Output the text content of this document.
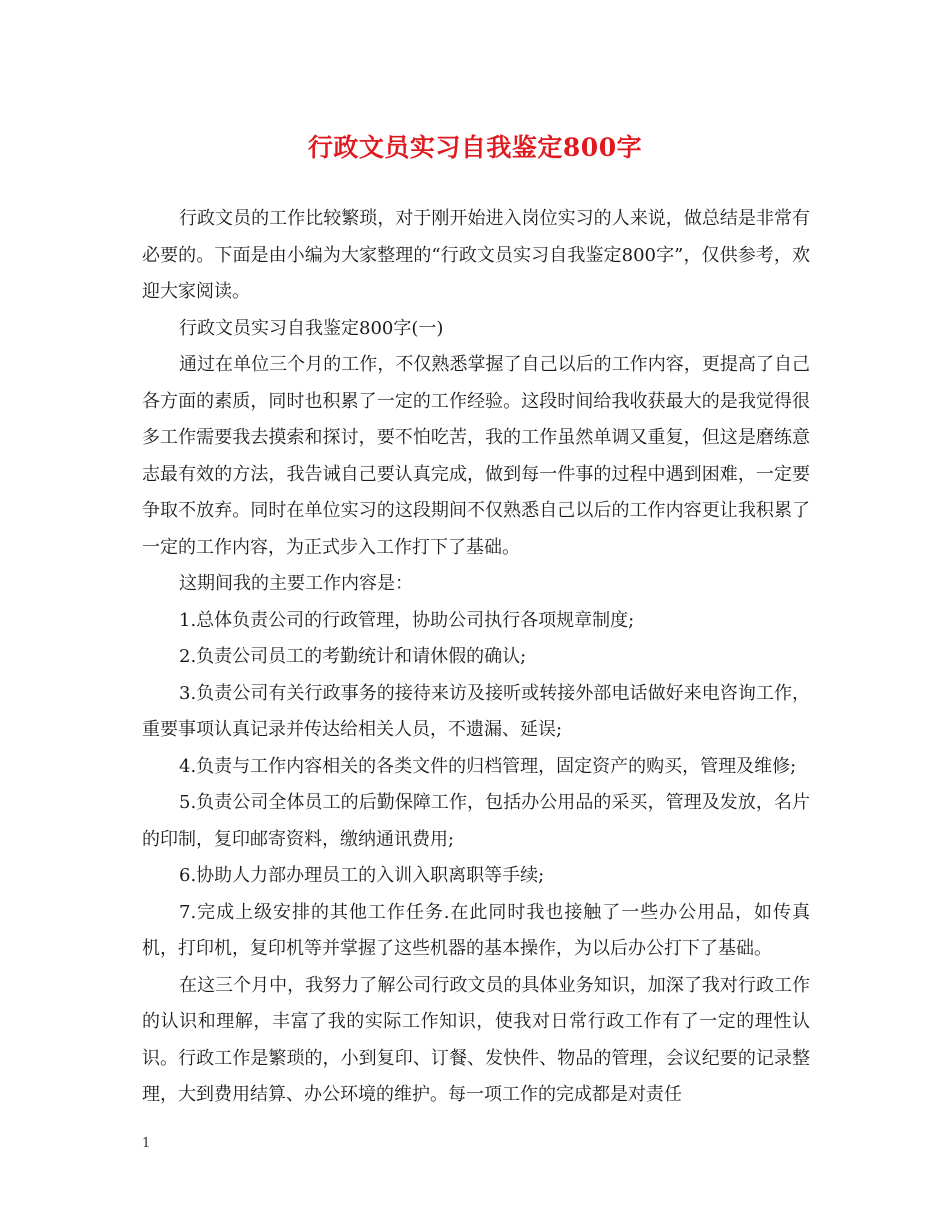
行政文员实习自我鉴定800字

行政文员的工作比较繁琐，对于刚开始进入岗位实习的人来说，做总结是非常有必要的。下面是由小编为大家整理的“行政文员实习自我鉴定800字”，仅供参考，欢迎大家阅读。

行政文员实习自我鉴定800字(一)

通过在单位三个月的工作，不仅熟悉掌握了自己以后的工作内容，更提高了自己各方面的素质，同时也积累了一定的工作经验。这段时间给我收获最大的是我觉得很多工作需要我去摸索和探讨，要不怕吃苦，我的工作虽然单调又重复，但这是磨练意志最有效的方法，我告诫自己要认真完成，做到每一件事的过程中遇到困难，一定要争取不放弃。同时在单位实习的这段期间不仅熟悉自己以后的工作内容更让我积累了一定的工作内容，为正式步入工作打下了基础。

这期间我的主要工作内容是：

1.总体负责公司的行政管理，协助公司执行各项规章制度;

2.负责公司员工的考勤统计和请休假的确认;

3.负责公司有关行政事务的接待来访及接听或转接外部电话做好来电咨询工作，重要事项认真记录并传达给相关人员，不遗漏、延误;

4.负责与工作内容相关的各类文件的归档管理，固定资产的购买，管理及维修;

5.负责公司全体员工的后勤保障工作，包括办公用品的采买，管理及发放，名片的印制，复印邮寄资料，缴纳通讯费用;

6.协助人力部办理员工的入训入职离职等手续;

7.完成上级安排的其他工作任务.在此同时我也接触了一些办公用品，如传真机，打印机，复印机等并掌握了这些机器的基本操作，为以后办公打下了基础。

在这三个月中，我努力了解公司行政文员的具体业务知识，加深了我对行政工作的认识和理解，丰富了我的实际工作知识，使我对日常行政工作有了一定的理性认识。行政工作是繁琐的，小到复印、订餐、发快件、物品的管理，会议纪要的记录整理，大到费用结算、办公环境的维护。每一项工作的完成都是对责任

1
